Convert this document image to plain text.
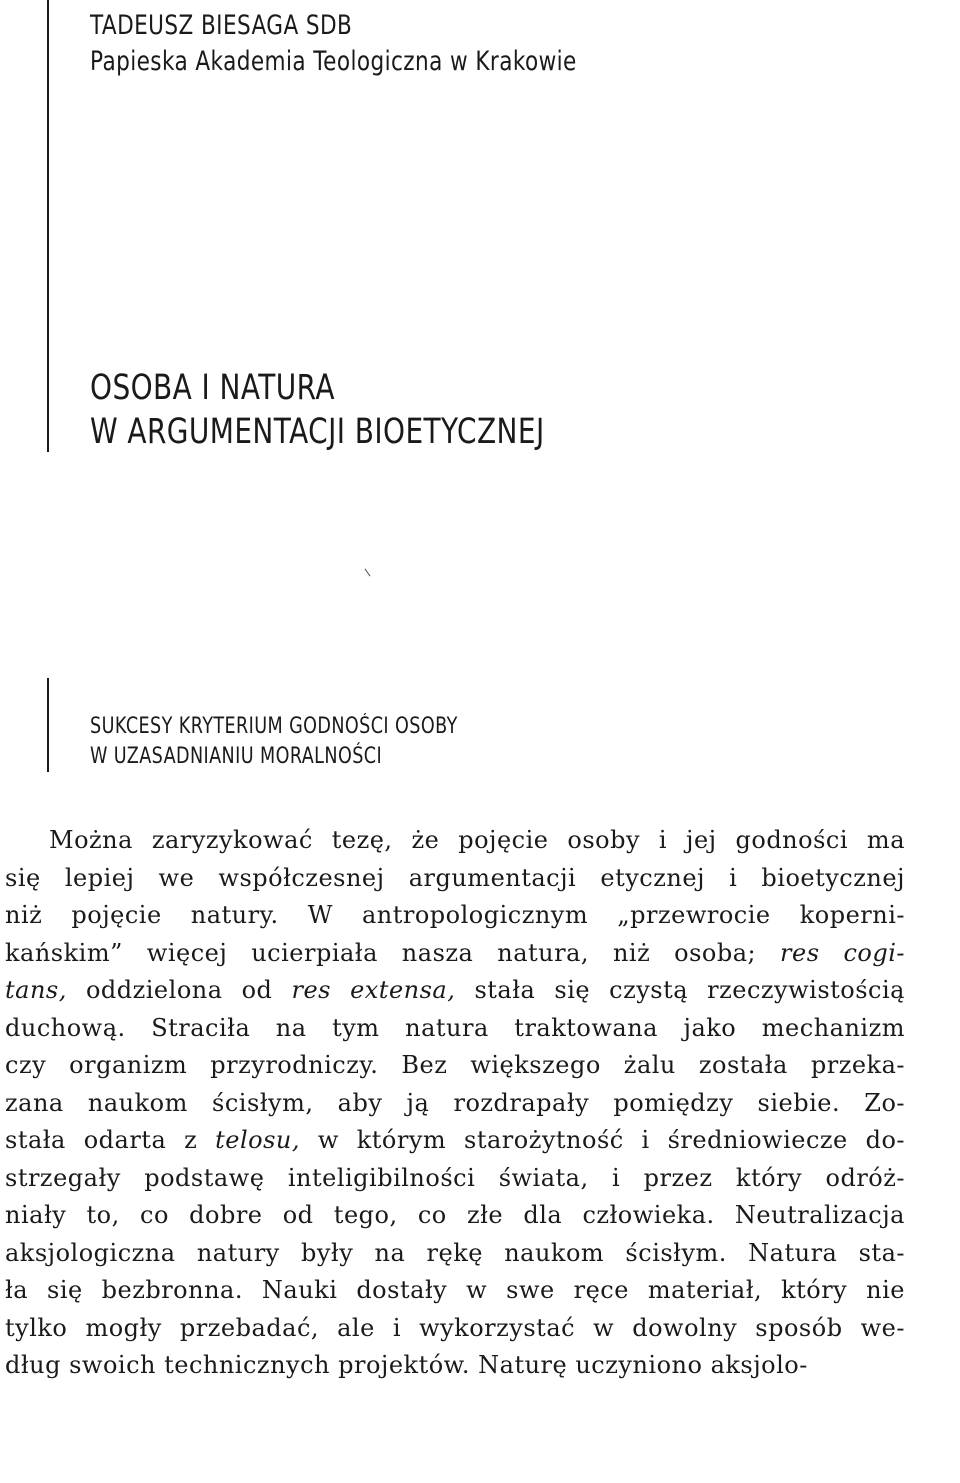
TADEUSZ BIESAGA SDB
Papieska Akademia Teologiczna w Krakowie
OSOBA I NATURA
W ARGUMENTACJI BIOETYCZNEJ
SUKCESY KRYTERIUM GODNOŚCI OSOBY
W UZASADNIANIU MORALNOŚCI
Można zaryzykować tezę, że pojęcie osoby i jej godności ma
się lepiej we współczesnej argumentacji etycznej i bioetycznej
niż pojęcie natury. W antropologicznym „przewrocie koperni-
kańskim” więcej ucierpiała nasza natura, niż osoba; res cogi-
tans, oddzielona od res extensa, stała się czystą rzeczywistością
duchową. Straciła na tym natura traktowana jako mechanizm
czy organizm przyrodniczy. Bez większego żalu została przeka-
zana naukom ścisłym, aby ją rozdrapały pomiędzy siebie. Zo-
stała odarta z telosu, w którym starożytność i średniowiecze do-
strzegały podstawę inteligibilności świata, i przez który odróż-
niały to, co dobre od tego, co złe dla człowieka. Neutralizacja
aksjologiczna natury były na rękę naukom ścisłym. Natura sta-
ła się bezbronna. Nauki dostały w swe ręce materiał, który nie
tylko mogły przebadać, ale i wykorzystać w dowolny sposób we-
dług swoich technicznych projektów. Naturę uczyniono aksjolo-
